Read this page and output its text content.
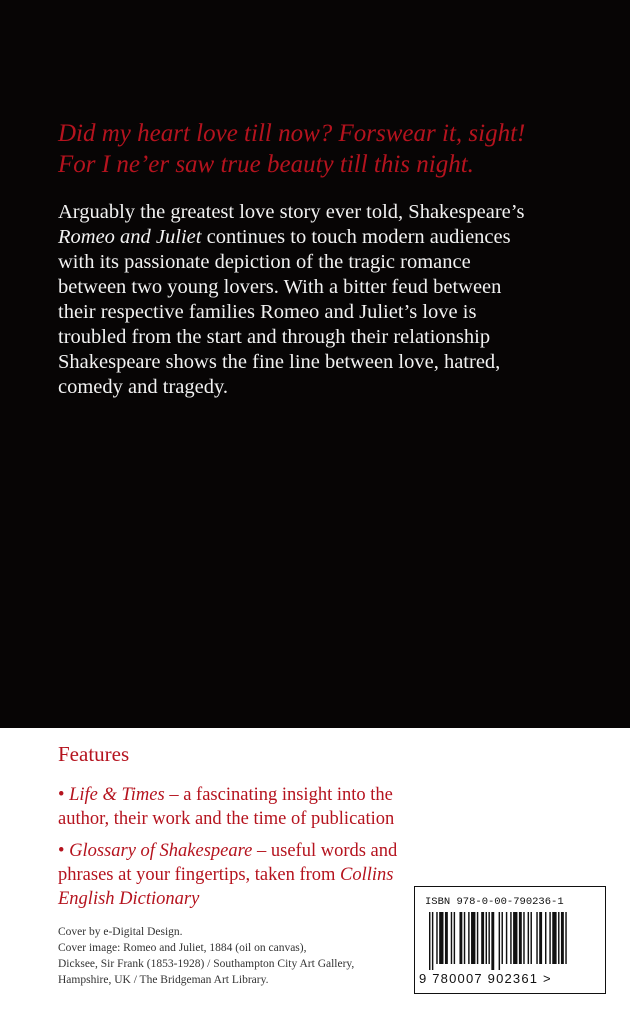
Did my heart love till now? Forswear it, sight!
For I ne’er saw true beauty till this night.
Arguably the greatest love story ever told, Shakespeare’s
Romeo and Juliet continues to touch modern audiences
with its passionate depiction of the tragic romance
between two young lovers. With a bitter feud between
their respective families Romeo and Juliet’s love is
troubled from the start and through their relationship
Shakespeare shows the fine line between love, hatred,
comedy and tragedy.
Features
• Life & Times – a fascinating insight into the
author, their work and the time of publication
• Glossary of Shakespeare – useful words and
phrases at your fingertips, taken from Collins
English Dictionary
Cover by e-Digital Design.
Cover image: Romeo and Juliet, 1884 (oil on canvas),
Dicksee, Sir Frank (1853-1928) / Southampton City Art Gallery,
Hampshire, UK / The Bridgeman Art Library.
ISBN 978-0-00-790236-1
9 780007 902361 >
